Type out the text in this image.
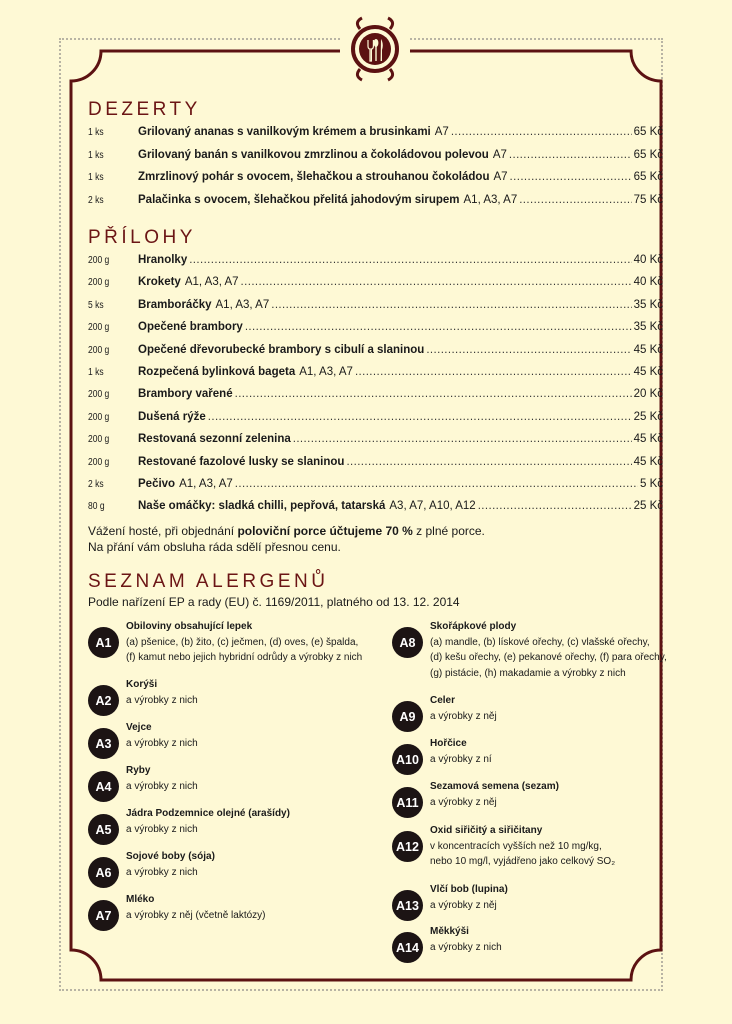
DEZERTY
1 ks	Grilovaný ananas s vanilkovým krémem a brusinkami A7 . . .	65 Kč
1 ks	Grilovaný banán s vanilkovou zmrzlinou a čokoládovou polevou A7 . . .	65 Kč
1 ks	Zmrzlinový pohár s ovocem, šlehačkou a strouhanou čokoládou A7 . . .	65 Kč
2 ks	Palačinka s ovocem, šlehačkou přelitá jahodovým sirupem A1, A3, A7 . . .	75 Kč
PŘÍLOHY
200 g	Hranolky . . .	40 Kč
200 g	Krokety A1, A3, A7 . . .	40 Kč
5 ks	Bramboráčky A1, A3, A7 . . .	35 Kč
200 g	Opečené brambory . . .	35 Kč
200 g	Opečené dřevorubecké brambory s cibulí a slaninou . . .	45 Kč
1 ks	Rozpečená bylinková bageta A1, A3, A7 . . .	45 Kč
200 g	Brambory vařené . . .	20 Kč
200 g	Dušená rýže . . .	25 Kč
200 g	Restovaná sezonní zelenina . . .	45 Kč
200 g	Restované fazolové lusky se slaninou . . .	45 Kč
2 ks	Pečivo A1, A3, A7 . . .	5 Kč
80 g	Naše omáčky: sladká chilli, pepřová, tatarská A3, A7, A10, A12 . . .	25 Kč
Vážení hosté, při objednání poloviční porce účtujeme 70 % z plné porce.
Na přání vám obsluha ráda sdělí přesnou cenu.
SEZNAM ALERGENŮ
Podle nařízení EP a rady (EU) č. 1169/2011, platného od 13. 12. 2014
A1
Obiloviny obsahující lepek
(a) pšenice, (b) žito, (c) ječmen, (d) oves, (e) špalda,
(f) kamut nebo jejich hybridní odrůdy a výrobky z nich
A2
Korýši
a výrobky z nich
A3
Vejce
a výrobky z nich
A4
Ryby
a výrobky z nich
A5
Jádra Podzemnice olejné (arašídy)
a výrobky z nich
A6
Sojové boby (sója)
a výrobky z nich
A7
Mléko
a výrobky z něj (včetně laktózy)
A8
Skořápkové plody
(a) mandle, (b) lískové ořechy, (c) vlašské ořechy,
(d) kešu ořechy, (e) pekanové ořechy, (f) para ořechy,
(g) pistácie, (h) makadamie a výrobky z nich
A9
Celer
a výrobky z něj
A10
Hořčice
a výrobky z ní
A11
Sezamová semena (sezam)
a výrobky z něj
A12
Oxid siřičitý a siřičitany
v koncentracích vyšších než 10 mg/kg,
nebo 10 mg/l, vyjádřeno jako celkový SO₂
A13
Vlčí bob (lupina)
a výrobky z něj
A14
Měkkýši
a výrobky z nich
